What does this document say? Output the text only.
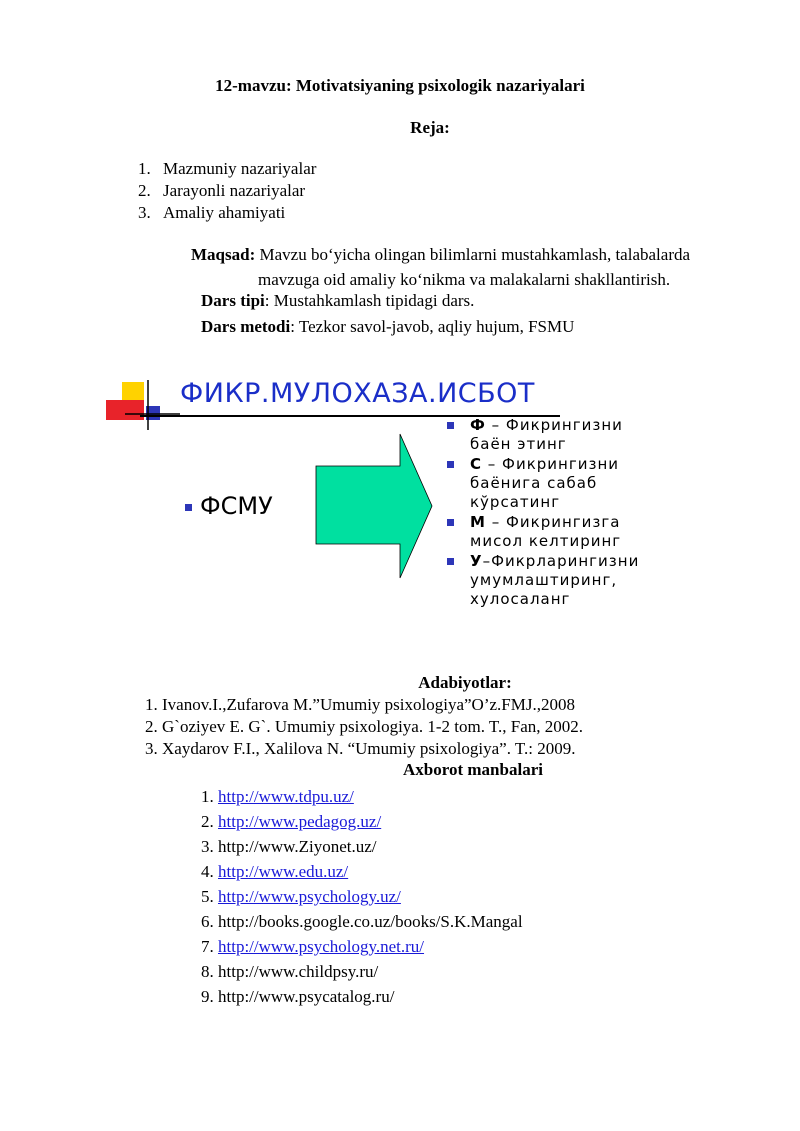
12-mavzu: Motivatsiyaning psixologik nazariyalari
Reja:
1. Mazmuniy nazariyalar
2. Jarayonli nazariyalar
3. Amaliy ahamiyati
Maqsad: Mavzu bo‘yicha olingan bilimlarni mustahkamlash, talabalarda
mavzuga oid amaliy ko‘nikma va malakalarni shakllantirish.
Dars tipi: Mustahkamlash tipidagi dars.
Dars metodi: Tezkor savol-javob, aqliy hujum, FSMU
ФИКР.МУЛОХАЗА.ИСБОТ
ФСМУ
Ф – Фикрингизни
баён этинг
С – Фикрингизни
баёнига сабаб
кўрсатинг
М – Фикрингизга
мисол келтиринг
У–Фикрларингизни
умумлаштиринг,
хулосаланг
Adabiyotlar:
1. Ivanov.I.,Zufarova M.”Umumiy psixologiya”O’z.FMJ.,2008
2. G`oziyev E. G`. Umumiy psixologiya. 1-2 tom. T., Fan, 2002.
3. Xaydarov F.I., Xalilova N. “Umumiy psixologiya”. T.: 2009.
Axborot manbalari
1. http://www.tdpu.uz/
2. http://www.pedagog.uz/
3. http://www.Ziyonet.uz/
4. http://www.edu.uz/
5. http://www.psychology.uz/
6. http://books.google.co.uz/books/S.K.Mangal
7. http://www.psychology.net.ru/
8. http://www.childpsy.ru/
9. http://www.psycatalog.ru/
